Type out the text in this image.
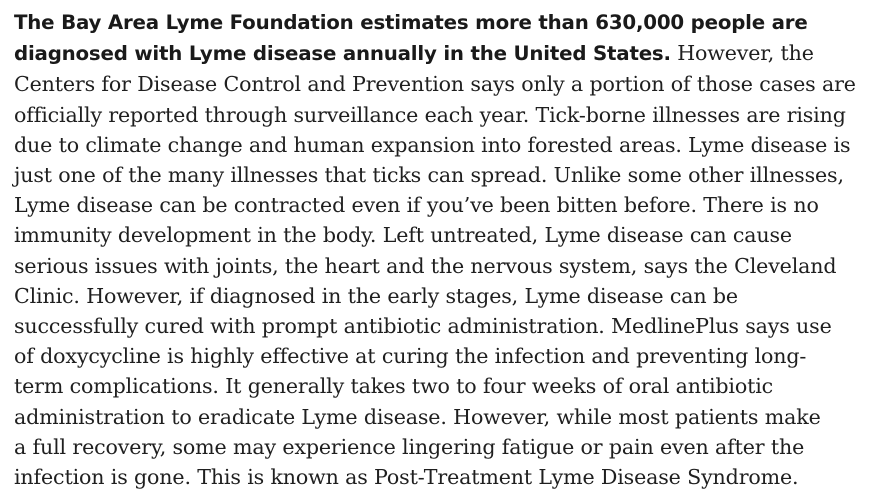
The Bay Area Lyme Foundation estimates more than 630,000 people are
diagnosed with Lyme disease annually in the United States. However, the
Centers for Disease Control and Prevention says only a portion of those cases are
officially reported through surveillance each year. Tick-borne illnesses are rising
due to climate change and human expansion into forested areas. Lyme disease is
just one of the many illnesses that ticks can spread. Unlike some other illnesses,
Lyme disease can be contracted even if you’ve been bitten before. There is no
immunity development in the body. Left untreated, Lyme disease can cause
serious issues with joints, the heart and the nervous system, says the Cleveland
Clinic. However, if diagnosed in the early stages, Lyme disease can be
successfully cured with prompt antibiotic administration. MedlinePlus says use
of doxycycline is highly effective at curing the infection and preventing long-
term complications. It generally takes two to four weeks of oral antibiotic
administration to eradicate Lyme disease. However, while most patients make
a full recovery, some may experience lingering fatigue or pain even after the
infection is gone. This is known as Post-Treatment Lyme Disease Syndrome.
